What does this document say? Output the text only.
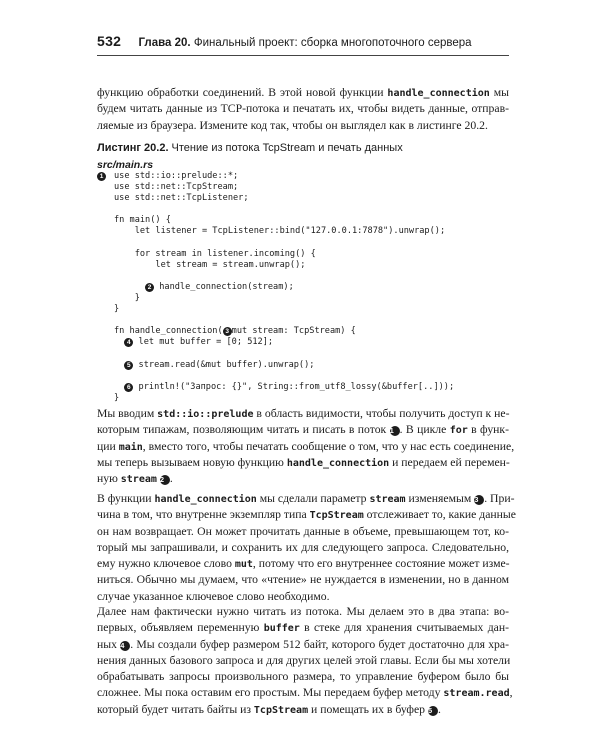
532 Глава 20. Финальный проект: сборка многопоточного сервера
функцию обработки соединений. В этой новой функции handle_connection мы
будем читать данные из TCP-потока и печатать их, чтобы видеть данные, отправ-
ляемые из браузера. Измените код так, чтобы он выглядел как в листинге 20.2.
Листинг 20.2. Чтение из потока TcpStream и печать данных
src/main.rs
1 use std::io::prelude::*;
use std::net::TcpStream;
use std::net::TcpListener;
fn main() {
let listener = TcpListener::bind("127.0.0.1:7878").unwrap();
for stream in listener.incoming() {
let stream = stream.unwrap();
2 handle_connection(stream);
}
}
fn handle_connection( 3 mut stream: TcpStream) {
4 let mut buffer = [0; 512];
5 stream.read(&mut buffer).unwrap();
6 println!("Запрос: {}", String::from_utf8_lossy(&buffer[..]));
}
Мы вводим std::io::prelude в область видимости, чтобы получить доступ к не-
которым типажам, позволяющим читать и писать в поток 1 . В цикле for в функ-
ции main, вместо того, чтобы печатать сообщение о том, что у нас есть соединение,
мы теперь вызываем новую функцию handle_connection и передаем ей перемен-
ную stream 2 .
В функции handle_connection мы сделали параметр stream изменяемым 3 . При-
чина в том, что внутренне экземпляр типа TcpStream отслеживает то, какие данные
он нам возвращает. Он может прочитать данные в объеме, превышающем тот, ко-
торый мы запрашивали, и сохранить их для следующего запроса. Следовательно,
ему нужно ключевое слово mut, потому что его внутреннее состояние может изме-
ниться. Обычно мы думаем, что «чтение» не нуждается в изменении, но в данном
случае указанное ключевое слово необходимо.
Далее нам фактически нужно читать из потока. Мы делаем это в два этапа: во-
первых, объявляем переменную buffer в стеке для хранения считываемых дан-
ных 4 . Мы создали буфер размером 512 байт, которого будет достаточно для хра-
нения данных базового запроса и для других целей этой главы. Если бы мы хотели
обрабатывать запросы произвольного размера, то управление буфером было бы
сложнее. Мы пока оставим его простым. Мы передаем буфер методу stream.read,
который будет читать байты из TcpStream и помещать их в буфер 5 .
